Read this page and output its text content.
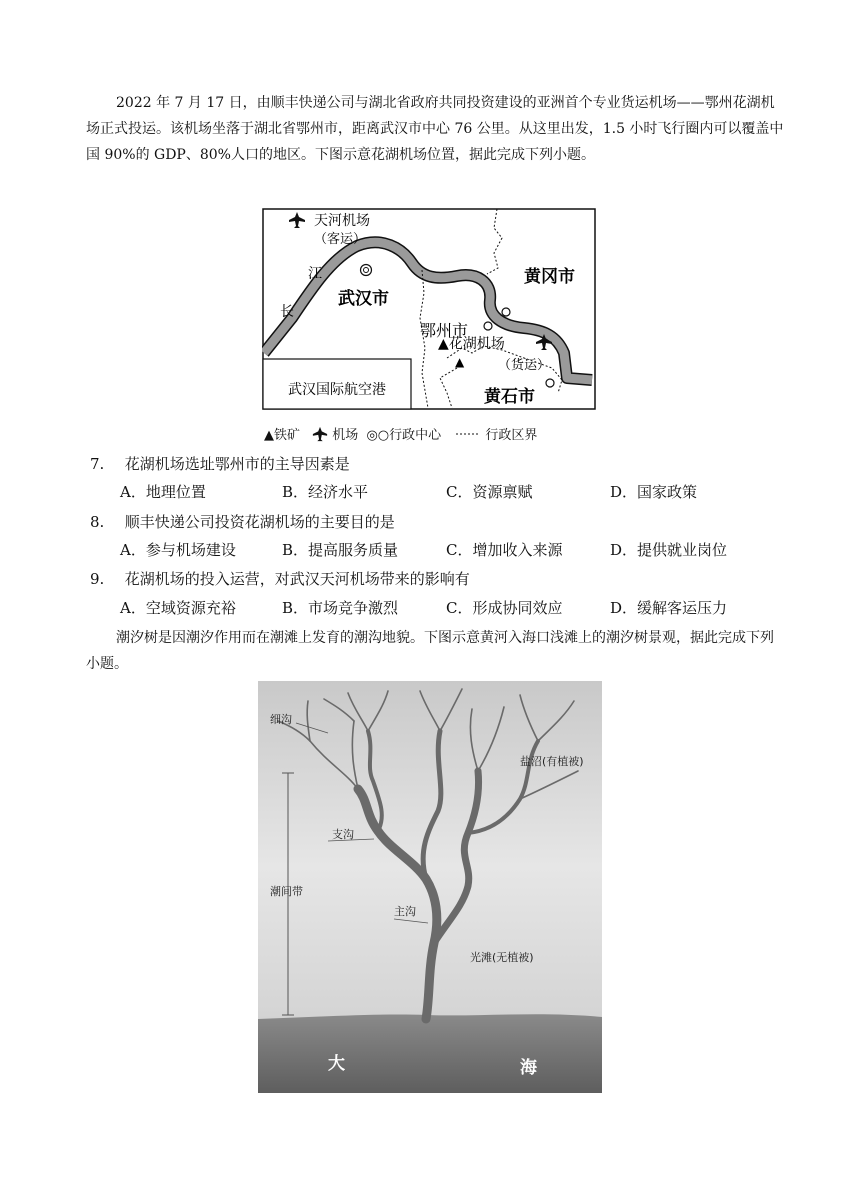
2022 年 7 月 17 日，由顺丰快递公司与湖北省政府共同投资建设的亚洲首个专业货运机场——鄂州花湖机场正式投运。该机场坐落于湖北省鄂州市，距离武汉市中心 76 公里。从这里出发，1.5 小时飞行圈内可以覆盖中国 90%的 GDP、80%人口的地区。下图示意花湖机场位置，据此完成下列小题。

武汉国际航空港
天河机场
（客运）
▲花湖机场
（货运）
▲
江
长
武汉市
黄冈市
鄂州市
黄石市
▲铁矿 机场 ◎○行政中心	行政区界
7. 花湖机场选址鄂州市的主导因素是
A．地理位置	B．经济水平	C．资源禀赋	D．国家政策
8. 顺丰快递公司投资花湖机场的主要目的是
A．参与机场建设	B．提高服务质量	C．增加收入来源	D．提供就业岗位
9. 花湖机场的投入运营，对武汉天河机场带来的影响有
A．空域资源充裕	B．市场竞争激烈	C．形成协同效应	D．缓解客运压力

潮汐树是因潮汐作用而在潮滩上发育的潮沟地貌。下图示意黄河入海口浅滩上的潮汐树景观，据此完成下列小题。

细沟
盐沼(有植被)
支沟
潮间带
主沟
光滩(无植被)
大	海
